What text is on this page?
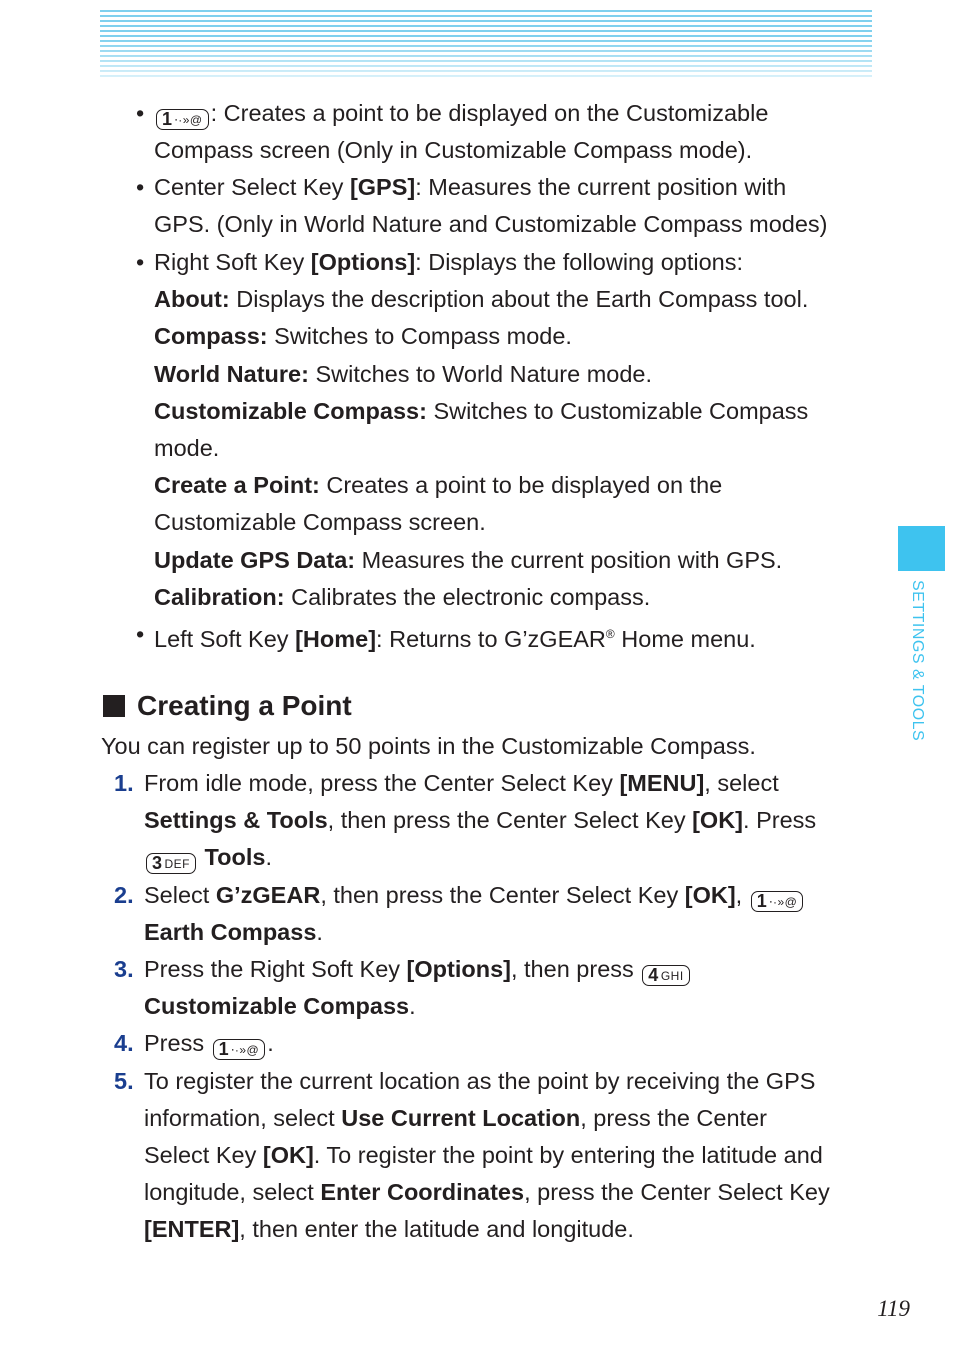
SETTINGS & TOOLS
• 1 ⸱·»@ : Creates a point to be displayed on the Customizable
Compass screen (Only in Customizable Compass mode).
• Center Select Key [GPS]: Measures the current position with
GPS. (Only in World Nature and Customizable Compass modes)
• Right Soft Key [Options]: Displays the following options:
About: Displays the description about the Earth Compass tool.
Compass: Switches to Compass mode.
World Nature: Switches to World Nature mode.
Customizable Compass: Switches to Customizable Compass
mode.
Create a Point: Creates a point to be displayed on the
Customizable Compass screen.
Update GPS Data: Measures the current position with GPS.
Calibration: Calibrates the electronic compass.
• Left Soft Key [Home]: Returns to G’zGEAR® Home menu.
Creating a Point
You can register up to 50 points in the Customizable Compass.
1. From idle mode, press the Center Select Key [MENU], select
Settings & Tools, then press the Center Select Key [OK]. Press
3 DEF Tools.
2. Select G’zGEAR, then press the Center Select Key [OK], 1 ⸱·»@
Earth Compass.
3. Press the Right Soft Key [Options], then press 4 GHI
Customizable Compass.
4. Press 1 ⸱·»@ .
5. To register the current location as the point by receiving the GPS
information, select Use Current Location, press the Center
Select Key [OK]. To register the point by entering the latitude and
longitude, select Enter Coordinates, press the Center Select Key
[ENTER], then enter the latitude and longitude.
119
